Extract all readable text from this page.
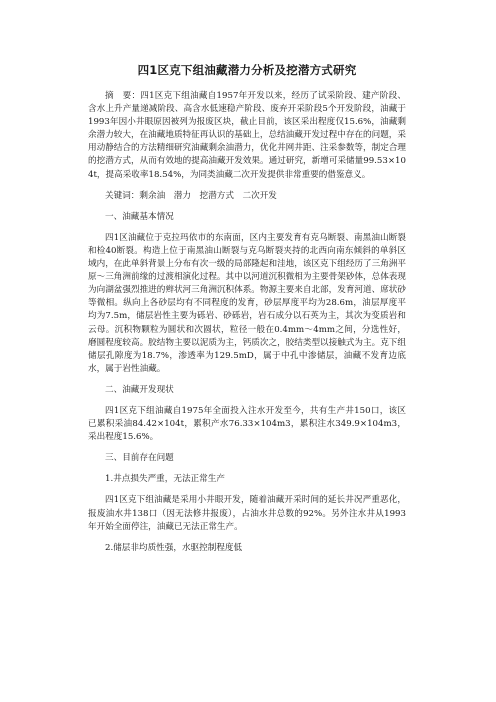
四1区克下组油藏潜力分析及挖潜方式研究

摘　要：四1区克下组油藏自1957年开发以来，经历了试采阶段、建产阶段、含水上升产量递减阶段、高含水低速稳产阶段、废弃开采阶段5个开发阶段，油藏于1993年因小井眼原因被列为报废区块，截止目前，该区采出程度仅15.6%，油藏剩余潜力较大，在油藏地质特征再认识的基础上，总结油藏开发过程中存在的问题，采用动静结合的方法精细研究油藏剩余油潜力，优化井网井距、注采参数等，制定合理的挖潜方式，从而有效地的提高油藏开发效果。通过研究，新增可采储量99.53×104t，提高采收率18.54%，为同类油藏二次开发提供非常重要的借鉴意义。

关键词：剩余油　潜力　挖潜方式　二次开发

一、油藏基本情况

四1区油藏位于克拉玛依市的东南面，区内主要发育有克乌断裂、南黑油山断裂和检40断裂。构造上位于南黑油山断裂与克乌断裂夹持的北西向南东倾斜的单斜区域内，在此单斜背景上分布有次一级的局部隆起和洼地，该区克下组经历了三角洲平原～三角洲前缘的过渡相演化过程。其中以河道沉积微相为主要骨架砂体，总体表现为向湖盆强烈推进的辫状河三角洲沉积体系。物源主要来自北部，发育河道、席状砂等微相。纵向上各砂层均有不同程度的发育，砂层厚度平均为28.6m，油层厚度平均为7.5m，储层岩性主要为砾岩、砂砾岩，岩石成分以石英为主，其次为变质岩和云母。沉积物颗粒为圆状和次圆状，粒径一般在0.4mm～4mm之间，分选性好，磨圆程度较高。胶结物主要以泥质为主，钙质次之，胶结类型以接触式为主。克下组储层孔隙度为18.7%，渗透率为129.5mD，属于中孔中渗储层，油藏不发育边底水，属于岩性油藏。

二、油藏开发现状

四1区克下组油藏自1975年全面投入注水开发至今，共有生产井150口，该区已累积采油84.42×104t，累积产水76.33×104m3，累积注水349.9×104m3，采出程度15.6%。

三、目前存在问题

1.井点损失严重，无法正常生产

四1区克下组油藏是采用小井眼开发，随着油藏开采时间的延长井况严重恶化，报废油水井138口（因无法修井报废），占油水井总数的92%。另外注水井从1993年开始全面停注，油藏已无法正常生产。

2.储层非均质性强，水驱控制程度低
